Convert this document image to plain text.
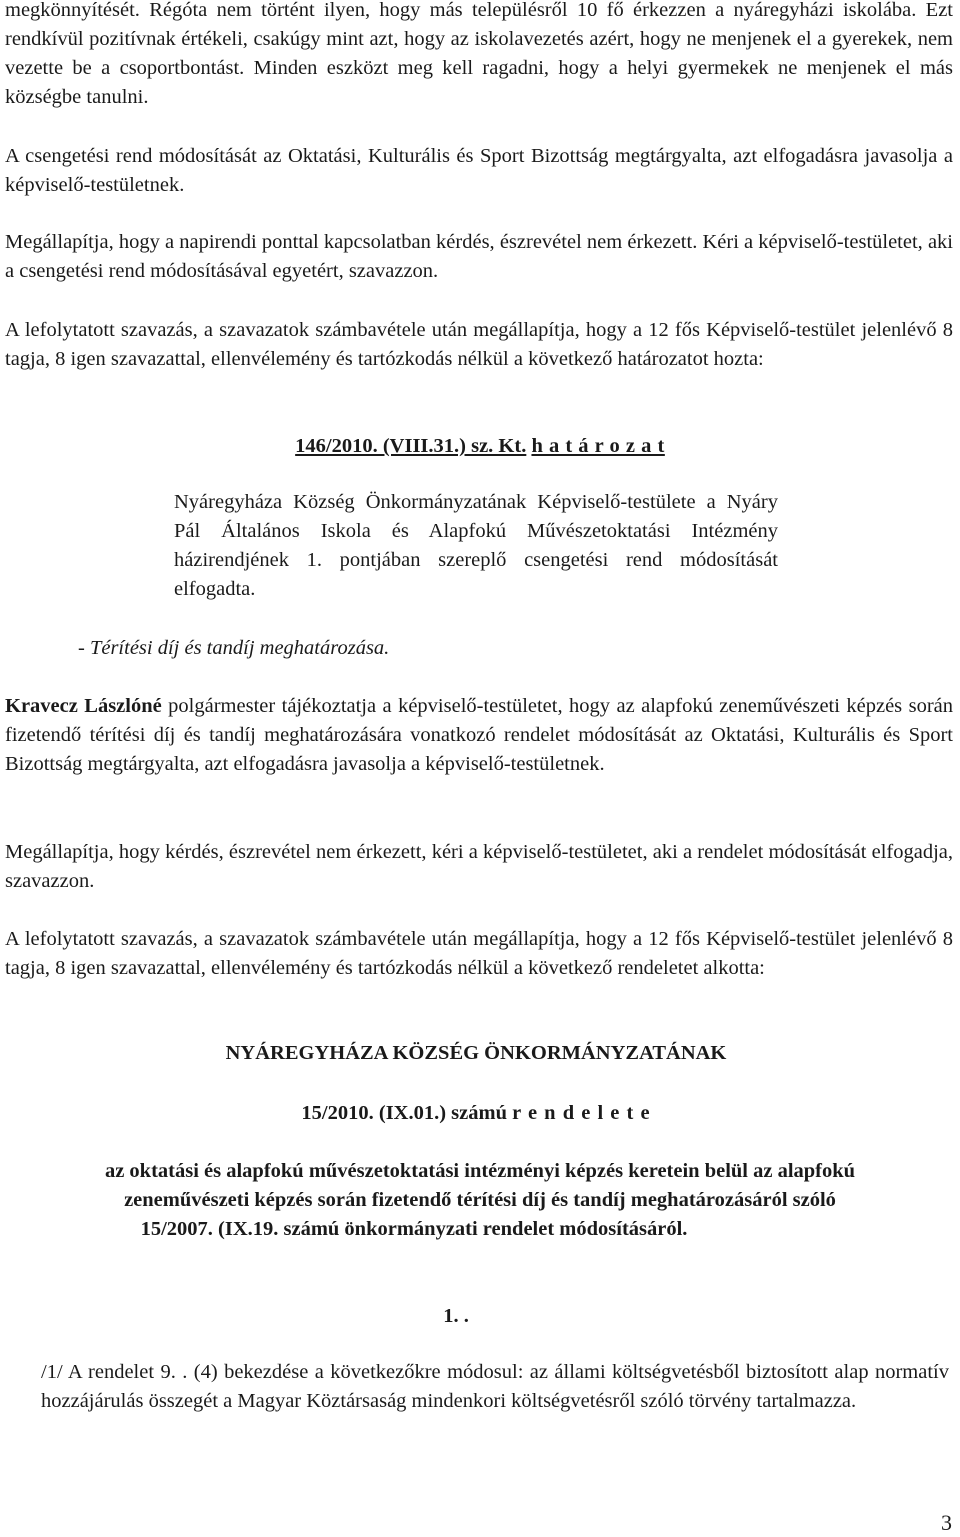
megkönnyítését. Régóta nem történt ilyen, hogy más településről 10 fő érkezzen a nyáregyházi iskolába. Ezt rendkívül pozitívnak értékeli, csakúgy mint azt, hogy az iskolavezetés azért, hogy ne menjenek el a gyerekek, nem vezette be a csoportbontást. Minden eszközt meg kell ragadni, hogy a helyi gyermekek ne menjenek el más községbe tanulni.

A csengetési rend módosítását az Oktatási, Kulturális és Sport Bizottság megtárgyalta, azt elfogadásra javasolja a képviselő-testületnek.

Megállapítja, hogy a napirendi ponttal kapcsolatban kérdés, észrevétel nem érkezett. Kéri a képviselő-testületet, aki a csengetési rend módosításával egyetért, szavazzon.

A lefolytatott szavazás, a szavazatok számbavétele után megállapítja, hogy a 12 fős Képviselő-testület jelenlévő 8 tagja, 8 igen szavazattal, ellenvélemény és tartózkodás nélkül a következő határozatot hozta:

146/2010. (VIII.31.) sz. Kt. h a t á r o z a t

Nyáregyháza Község Önkormányzatának Képviselő-testülete a Nyáry Pál Általános Iskola és Alapfokú Művészetoktatási Intézmény házirendjének 1. pontjában szereplő csengetési rend módosítását elfogadta.

- Térítési díj és tandíj meghatározása.

Kravecz Lászlóné polgármester tájékoztatja a képviselő-testületet, hogy az alapfokú zeneművészeti képzés során fizetendő térítési díj és tandíj meghatározására vonatkozó rendelet módosítását az Oktatási, Kulturális és Sport Bizottság megtárgyalta, azt elfogadásra javasolja a képviselő-testületnek.

Megállapítja, hogy kérdés, észrevétel nem érkezett, kéri a képviselő-testületet, aki a rendelet módosítását elfogadja, szavazzon.

A lefolytatott szavazás, a szavazatok számbavétele után megállapítja, hogy a 12 fős Képviselő-testület jelenlévő 8 tagja, 8 igen szavazattal, ellenvélemény és tartózkodás nélkül a következő rendeletet alkotta:

NYÁREGYHÁZA KÖZSÉG ÖNKORMÁNYZATÁNAK

15/2010. (IX.01.) számú r e n d e l e t e

az oktatási és alapfokú művészetoktatási intézményi képzés keretein belül az alapfokú

zeneművészeti képzés során fizetendő térítési díj és tandíj meghatározásáról szóló

15/2007. (IX.19. számú önkormányzati rendelet módosításáról.

1. .

/1/ A rendelet 9. . (4) bekezdése a következőkre módosul: az állami költségvetésből biztosított alap normatív hozzájárulás összegét a Magyar Köztársaság mindenkori költségvetésről szóló törvény tartalmazza.

3
